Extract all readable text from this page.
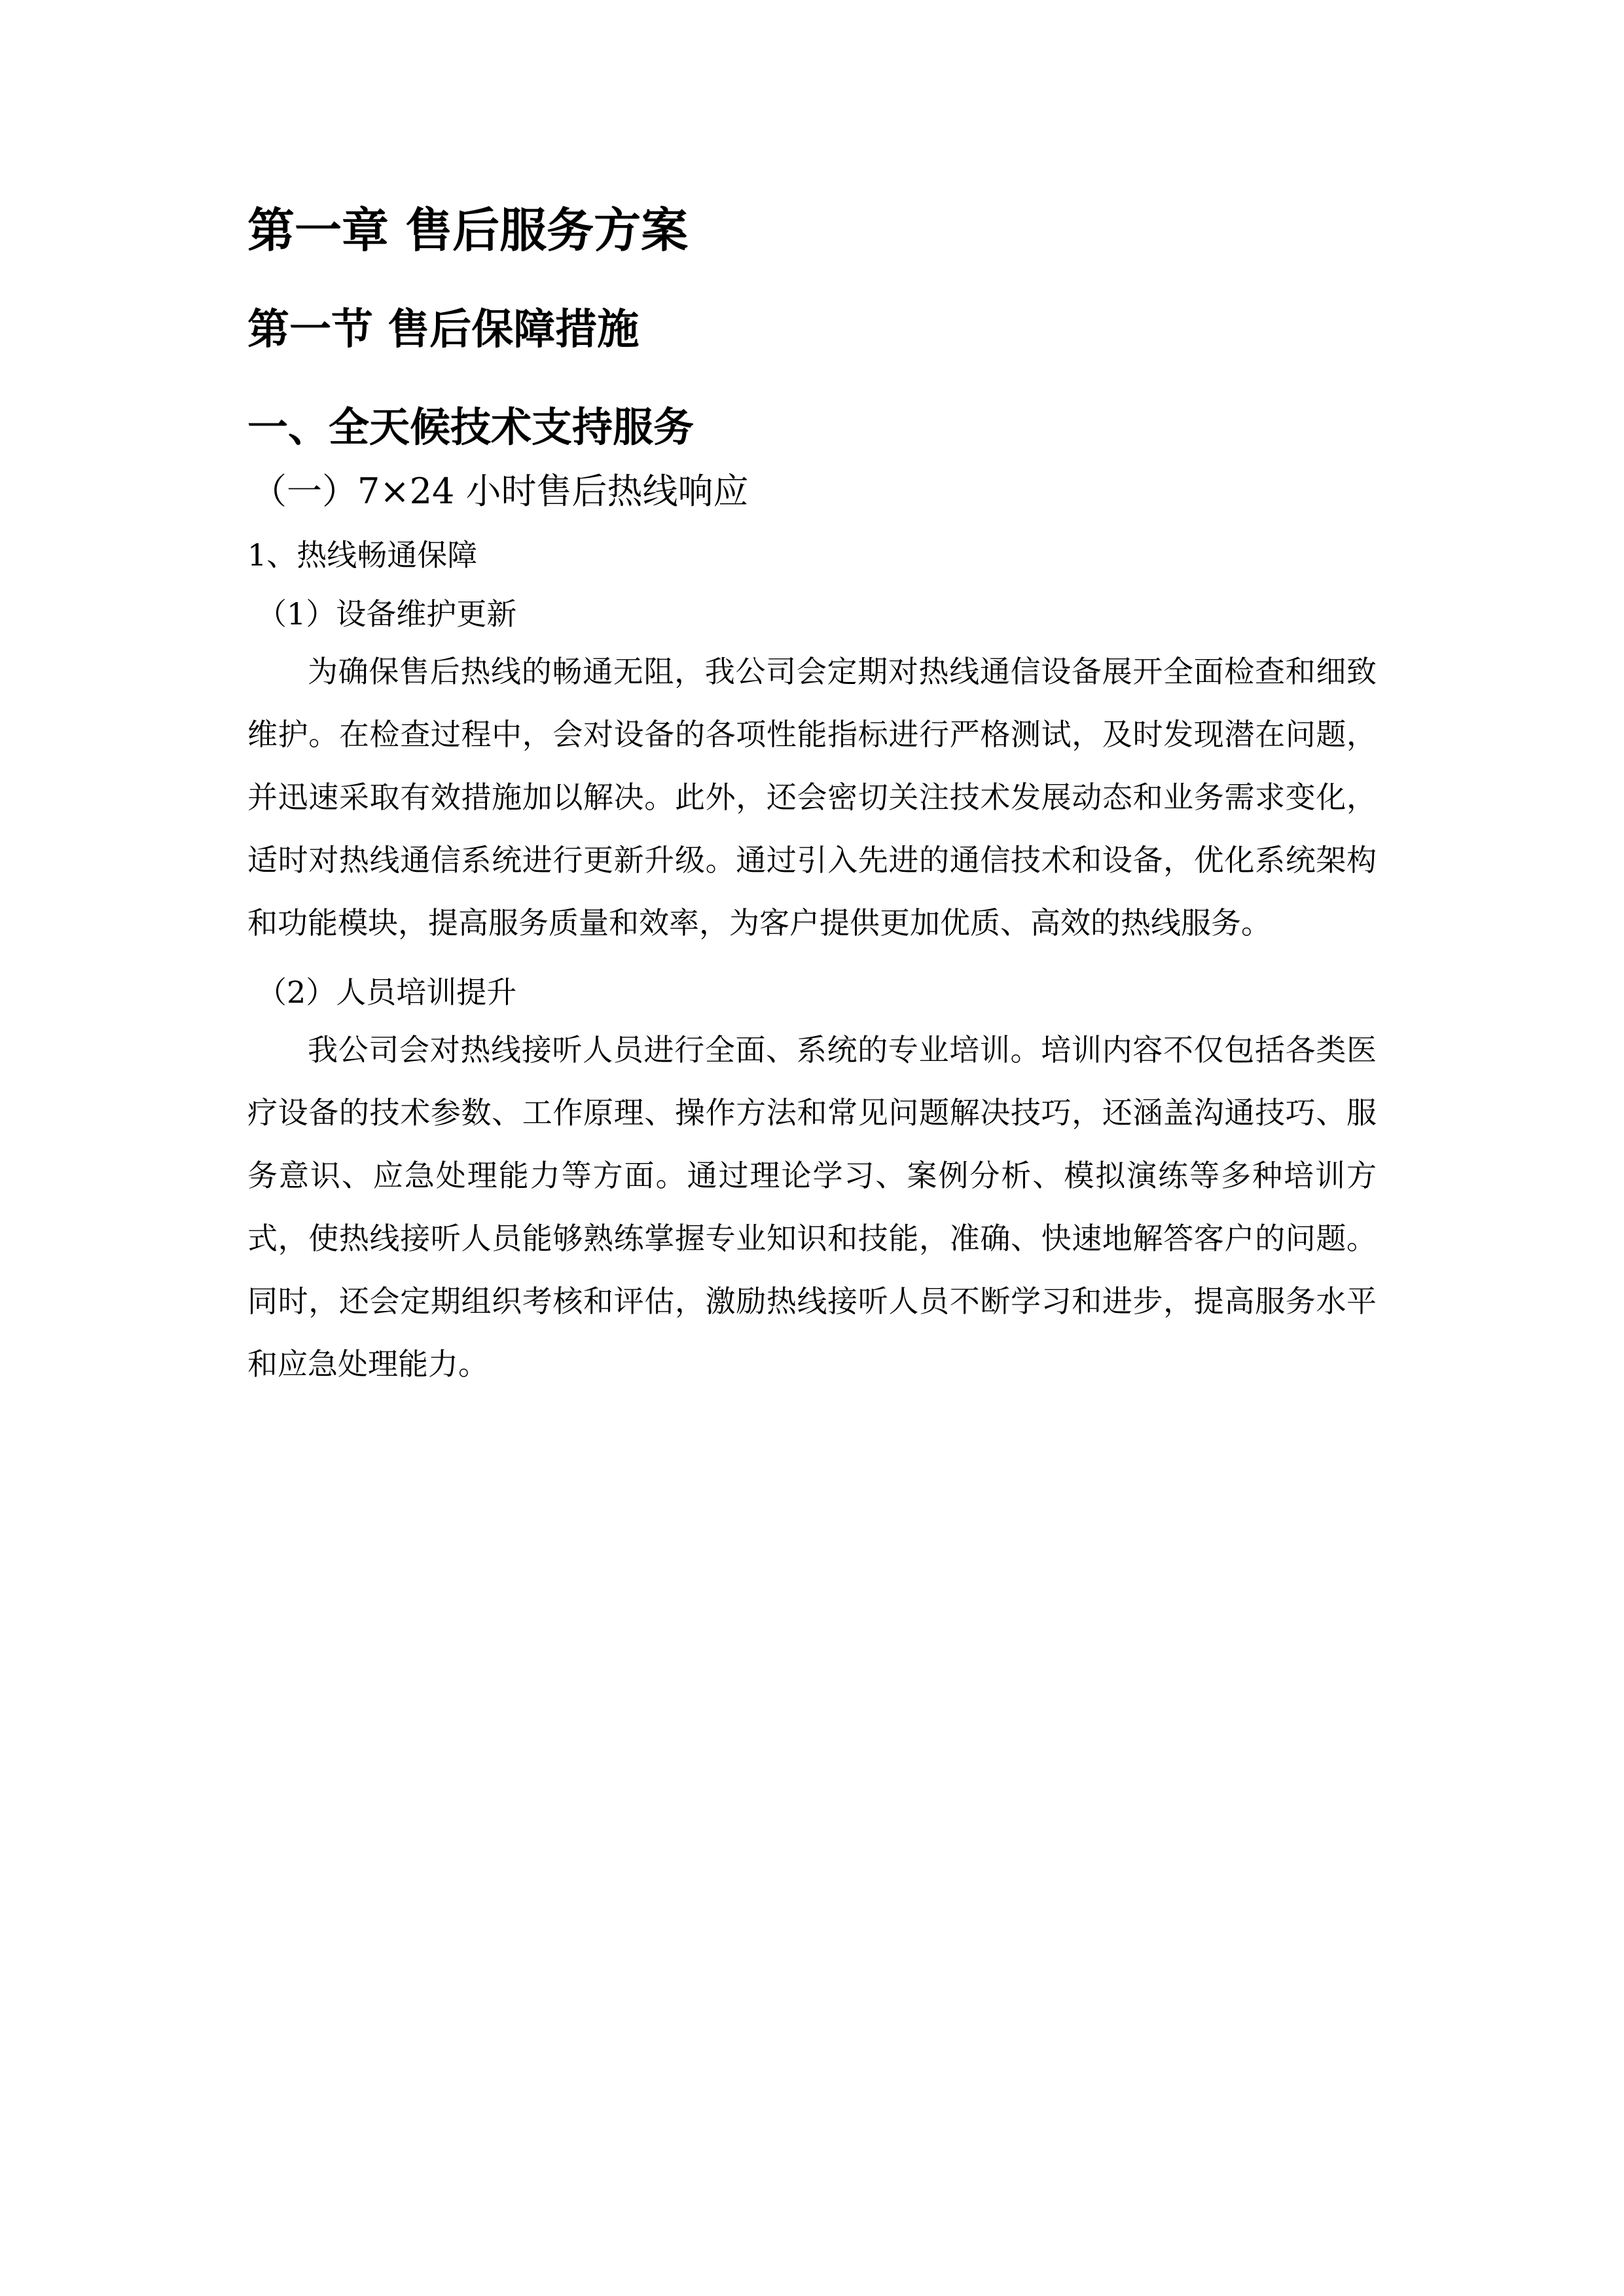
第一章 售后服务方案
第一节 售后保障措施
一、全天候技术支持服务
（一）7×24 小时售后热线响应
1、热线畅通保障
（1）设备维护更新

为确保售后热线的畅通无阻，我公司会定期对热线通信设备展开全面检查和细致维护。在检查过程中，会对设备的各项性能指标进行严格测试，及时发现潜在问题，并迅速采取有效措施加以解决。此外，还会密切关注技术发展动态和业务需求变化，适时对热线通信系统进行更新升级。通过引入先进的通信技术和设备，优化系统架构和功能模块，提高服务质量和效率，为客户提供更加优质、高效的热线服务。

（2）人员培训提升

我公司会对热线接听人员进行全面、系统的专业培训。培训内容不仅包括各类医疗设备的技术参数、工作原理、操作方法和常见问题解决技巧，还涵盖沟通技巧、服务意识、应急处理能力等方面。通过理论学习、案例分析、模拟演练等多种培训方式，使热线接听人员能够熟练掌握专业知识和技能，准确、快速地解答客户的问题。同时，还会定期组织考核和评估，激励热线接听人员不断学习和进步，提高服务水平和应急处理能力。
